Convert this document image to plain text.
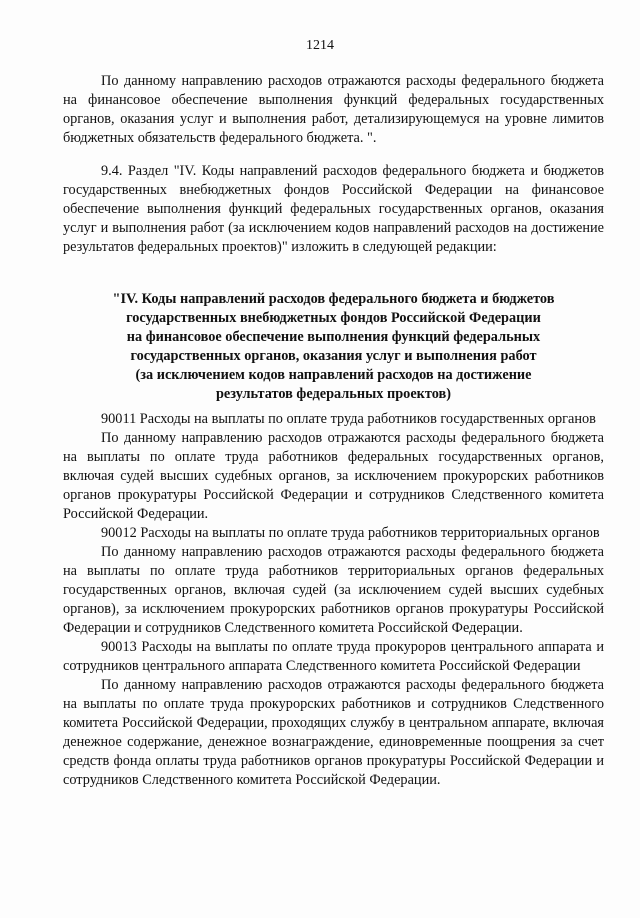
1214

По данному направлению расходов отражаются расходы федерального бюджета на финансовое обеспечение выполнения функций федеральных государственных органов, оказания услуг и выполнения работ, детализирующемуся на уровне лимитов бюджетных обязательств федерального бюджета. ".

9.4. Раздел "IV. Коды направлений расходов федерального бюджета и бюджетов государственных внебюджетных фондов Российской Федерации на финансовое обеспечение выполнения функций федеральных государственных органов, оказания услуг и выполнения работ (за исключением кодов направлений расходов на достижение результатов федеральных проектов)" изложить в следующей редакции:

"IV. Коды направлений расходов федерального бюджета и бюджетов
государственных внебюджетных фондов Российской Федерации
на финансовое обеспечение выполнения функций федеральных
государственных органов, оказания услуг и выполнения работ
(за исключением кодов направлений расходов на достижение
результатов федеральных проектов)

90011 Расходы на выплаты по оплате труда работников государственных органов

По данному направлению расходов отражаются расходы федерального бюджета на выплаты по оплате труда работников федеральных государственных органов, включая судей высших судебных органов, за исключением прокурорских работников органов прокуратуры Российской Федерации и сотрудников Следственного комитета Российской Федерации.

90012 Расходы на выплаты по оплате труда работников территориальных органов

По данному направлению расходов отражаются расходы федерального бюджета на выплаты по оплате труда работников территориальных органов федеральных государственных органов, включая судей (за исключением судей высших судебных органов), за исключением прокурорских работников органов прокуратуры Российской Федерации и сотрудников Следственного комитета Российской Федерации.

90013 Расходы на выплаты по оплате труда прокуроров центрального аппарата и сотрудников центрального аппарата Следственного комитета Российской Федерации

По данному направлению расходов отражаются расходы федерального бюджета на выплаты по оплате труда прокурорских работников и сотрудников Следственного комитета Российской Федерации, проходящих службу в центральном аппарате, включая денежное содержание, денежное вознаграждение, единовременные поощрения за счет средств фонда оплаты труда работников органов прокуратуры Российской Федерации и сотрудников Следственного комитета Российской Федерации.
